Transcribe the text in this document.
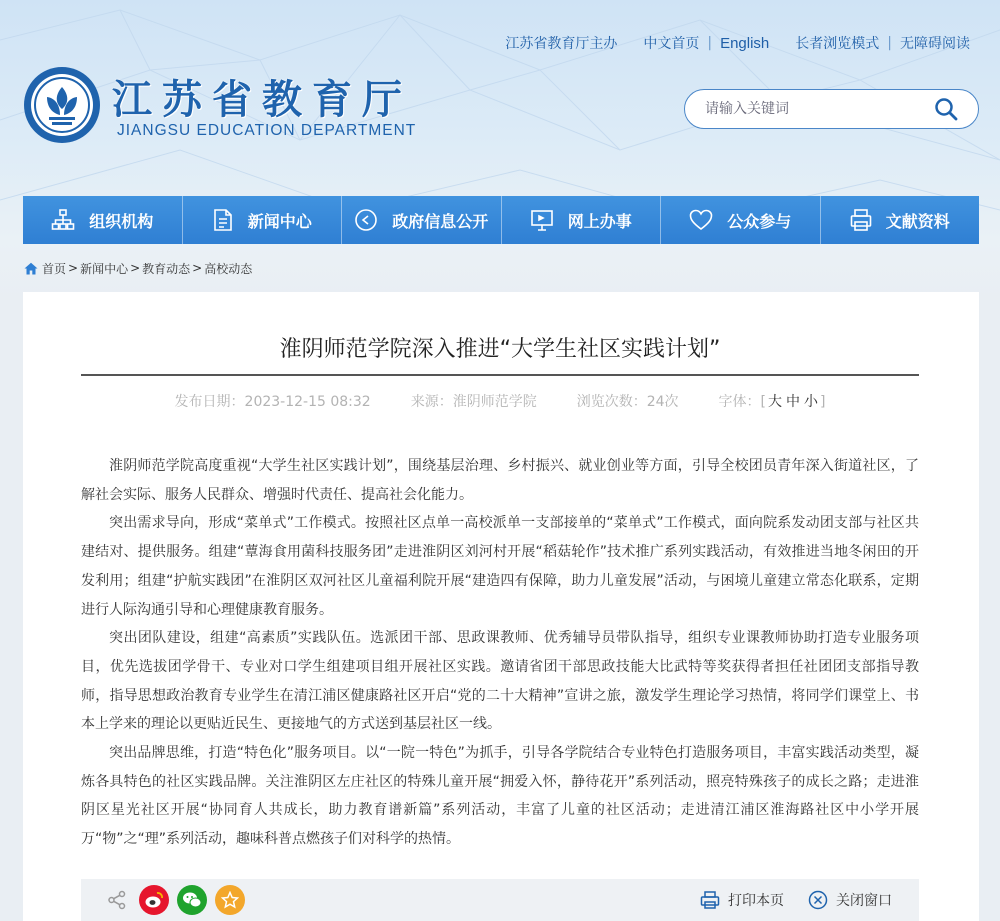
江苏省教育厅主办 中文首页 | English 长者浏览模式 | 无障碍阅读
江苏省教育厅
JIANGSU EDUCATION DEPARTMENT
请输入关键词
组织机构	新闻中心	政府信息公开	网上办事	公众参与	文献资料
首页 > 新闻中心 > 教育动态 > 高校动态
淮阴师范学院深入推进“大学生社区实践计划”
发布日期：2023-12-15 08:32	来源：淮阴师范学院	浏览次数：24次	字体：[ 大 中 小 ]

淮阴师范学院高度重视“大学生社区实践计划”，围绕基层治理、乡村振兴、就业创业等方面，引导全校团员青年深入街道社区，了解社会实际、服务人民群众、增强时代责任、提高社会化能力。

突出需求导向，形成“菜单式”工作模式。按照社区点单一高校派单一支部接单的“菜单式”工作模式，面向院系发动团支部与社区共建结对、提供服务。组建“蕈海食用菌科技服务团”走进淮阴区刘河村开展“稻菇轮作”技术推广系列实践活动，有效推进当地冬闲田的开发利用；组建“护航实践团”在淮阴区双河社区儿童福利院开展“建造四有保障，助力儿童发展”活动，与困境儿童建立常态化联系，定期进行人际沟通引导和心理健康教育服务。

突出团队建设，组建“高素质”实践队伍。选派团干部、思政课教师、优秀辅导员带队指导，组织专业课教师协助打造专业服务项目，优先选拔团学骨干、专业对口学生组建项目组开展社区实践。邀请省团干部思政技能大比武特等奖获得者担任社团团支部指导教师，指导思想政治教育专业学生在清江浦区健康路社区开启“党的二十大精神”宣讲之旅，激发学生理论学习热情，将同学们课堂上、书本上学来的理论以更贴近民生、更接地气的方式送到基层社区一线。

突出品牌思维，打造“特色化”服务项目。以“一院一特色”为抓手，引导各学院结合专业特色打造服务项目，丰富实践活动类型，凝炼各具特色的社区实践品牌。关注淮阴区左庄社区的特殊儿童开展“拥爱入怀，静待花开”系列活动，照亮特殊孩子的成长之路；走进淮阴区星光社区开展“协同育人共成长，助力教育谱新篇”系列活动，丰富了儿童的社区活动；走进清江浦区淮海路社区中小学开展万“物”之“理”系列活动，趣味科普点燃孩子们对科学的热情。

打印本页	关闭窗口
